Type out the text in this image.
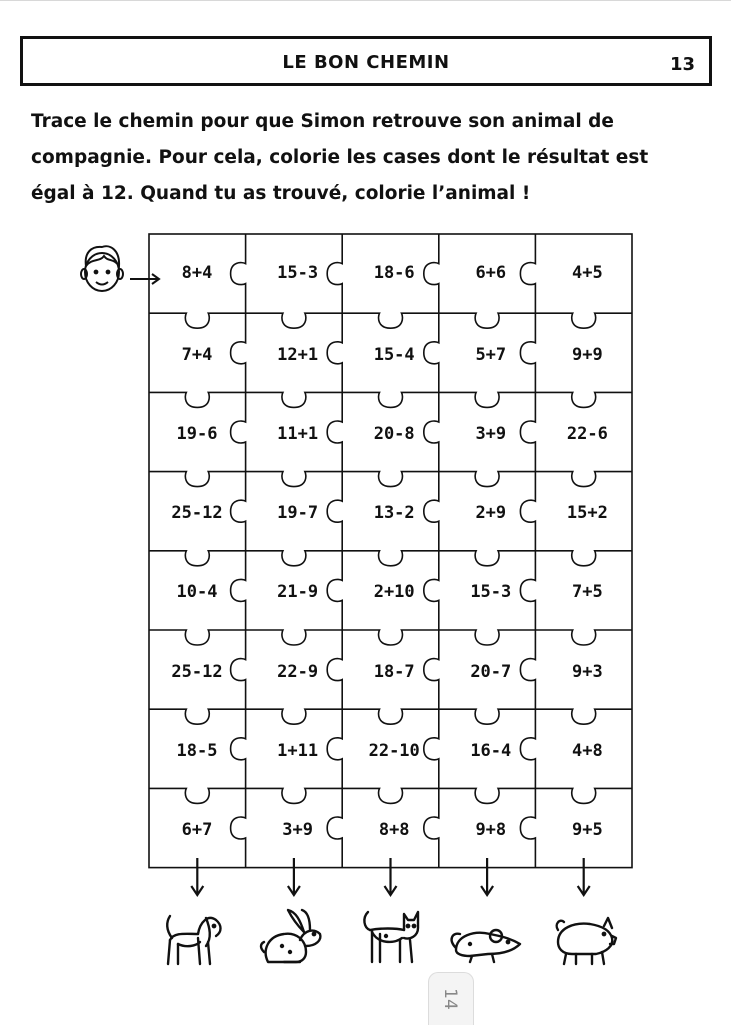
LE BON CHEMIN	13
Trace le chemin pour que Simon retrouve son animal de
compagnie. Pour cela, colorie les cases dont le résultat est
égal à 12. Quand tu as trouvé, colorie l’animal !
8+4	15-3	18-6	6+6	4+5
7+4	12+1	15-4	5+7	9+9
19-6	11+1	20-8	3+9	22-6
25-12	19-7	13-2	2+9	15+2
10-4	21-9	2+10	15-3	7+5
25-12	22-9	18-7	20-7	9+3
18-5	1+11	22-10	16-4	4+8
6+7	3+9	8+8	9+8	9+5
14
